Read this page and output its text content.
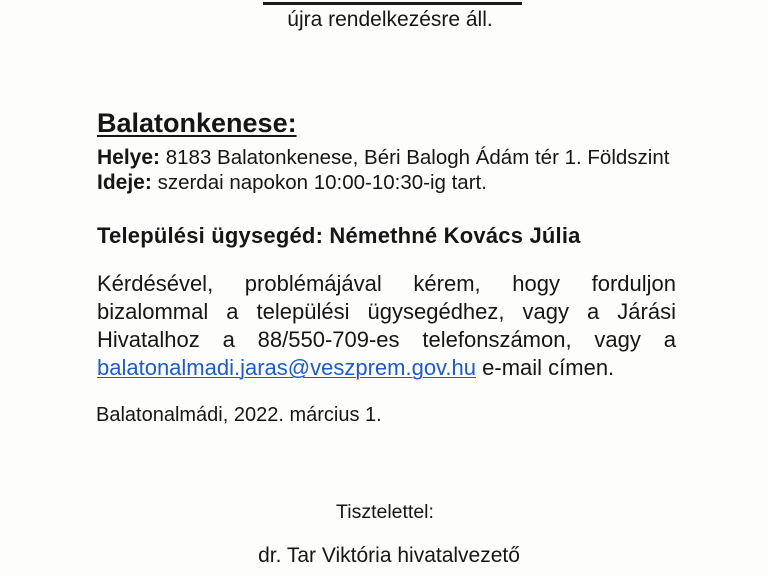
újra rendelkezésre áll.
Balatonkenese:
Helye: 8183 Balatonkenese, Béri Balogh Ádám tér 1. Földszint
Ideje: szerdai napokon 10:00-10:30-ig tart.
Települési ügysegéd: Némethné Kovács Júlia
Kérdésével, problémájával kérem, hogy forduljon
bizalommal a települési ügysegédhez, vagy a Járási
Hivatalhoz a 88/550-709-es telefonszámon, vagy a
balatonalmadi.jaras@veszprem.gov.hu e-mail címen.
Balatonalmádi, 2022. március 1.
Tisztelettel:
dr. Tar Viktória hivatalvezető
